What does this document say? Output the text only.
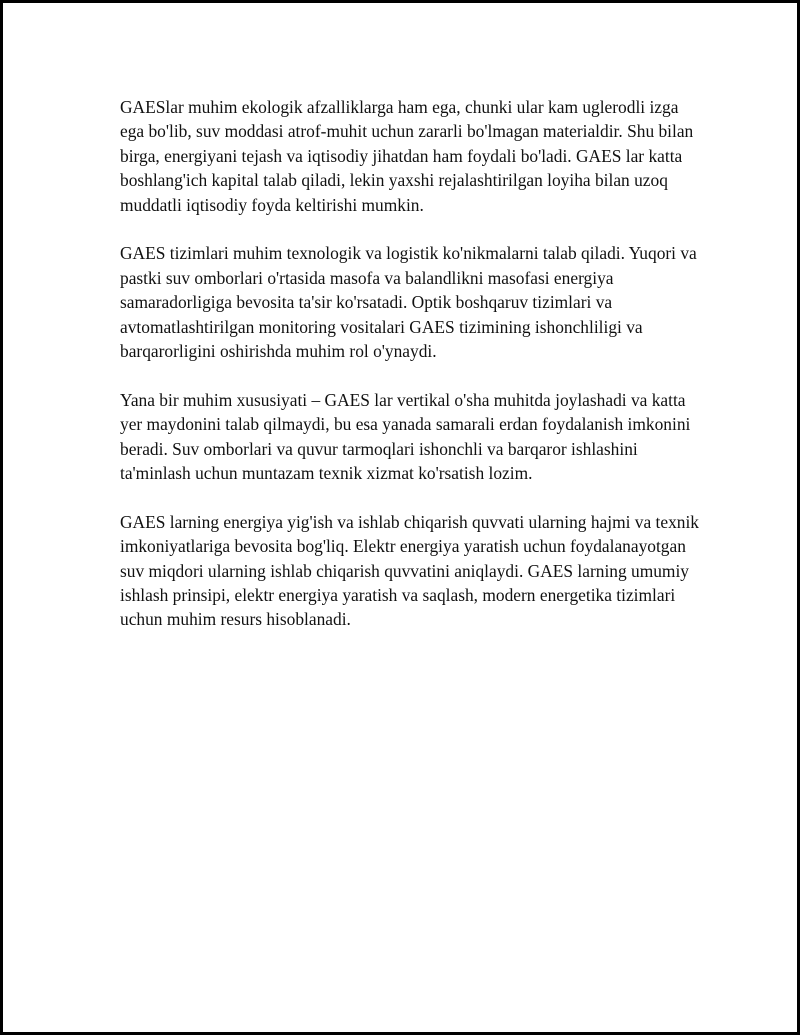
GAESlar muhim ekologik afzalliklarga ham ega, chunki ular kam uglerodli izga ega bo'lib, suv moddasi atrof-muhit uchun zararli bo'lmagan materialdir. Shu bilan birga, energiyani tejash va iqtisodiy jihatdan ham foydali bo'ladi. GAES lar katta boshlang'ich kapital talab qiladi, lekin yaxshi rejalashtirilgan loyiha bilan uzoq muddatli iqtisodiy foyda keltirishi mumkin.

GAES tizimlari muhim texnologik va logistik ko'nikmalarni talab qiladi. Yuqori va pastki suv omborlari o'rtasida masofa va balandlikni masofasi energiya samaradorligiga bevosita ta'sir ko'rsatadi. Optik boshqaruv tizimlari va avtomatlashtirilgan monitoring vositalari GAES tizimining ishonchliligi va barqarorligini oshirishda muhim rol o'ynaydi.

Yana bir muhim xususiyati – GAES lar vertikal o'sha muhitda joylashadi va katta yer maydonini talab qilmaydi, bu esa yanada samarali erdan foydalanish imkonini beradi. Suv omborlari va quvur tarmoqlari ishonchli va barqaror ishlashini ta'minlash uchun muntazam texnik xizmat ko'rsatish lozim.

GAES larning energiya yig'ish va ishlab chiqarish quvvati ularning hajmi va texnik imkoniyatlariga bevosita bog'liq. Elektr energiya yaratish uchun foydalanayotgan suv miqdori ularning ishlab chiqarish quvvatini aniqlaydi. GAES larning umumiy ishlash prinsipi, elektr energiya yaratish va saqlash, modern energetika tizimlari uchun muhim resurs hisoblanadi.
